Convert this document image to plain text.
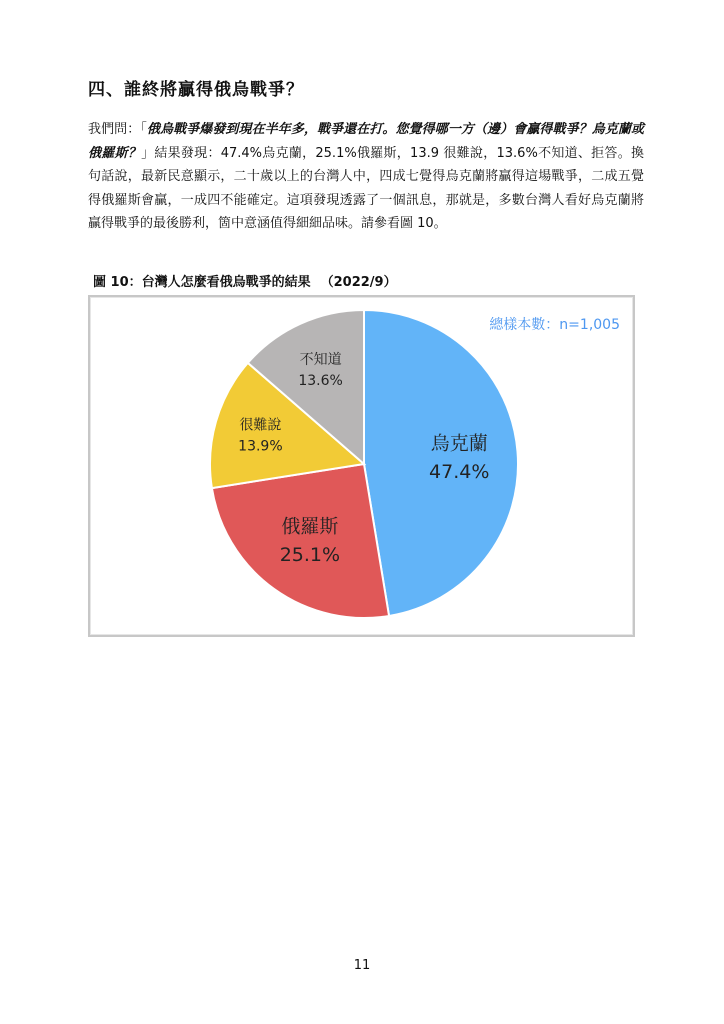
四、誰終將贏得俄烏戰爭？
我們問：「俄烏戰爭爆發到現在半年多，戰爭還在打。您覺得哪一方（邊）會贏得戰爭？烏克蘭或俄羅斯？」結果發現：47.4%烏克蘭，25.1%俄羅斯，13.9 很難說，13.6%不知道、拒答。換句話說，最新民意顯示，二十歲以上的台灣人中，四成七覺得烏克蘭將贏得這場戰爭，二成五覺得俄羅斯會贏，一成四不能確定。這項發現透露了一個訊息，那就是，多數台灣人看好烏克蘭將贏得戰爭的最後勝利，箇中意涵值得細細品味。請參看圖 10。
圖 10：台灣人怎麼看俄烏戰爭的結果 （2022/9）
烏克蘭
47.4%
俄羅斯
25.1%
很難說
13.9%
不知道
13.6%
總樣本數：n=1,005
11
